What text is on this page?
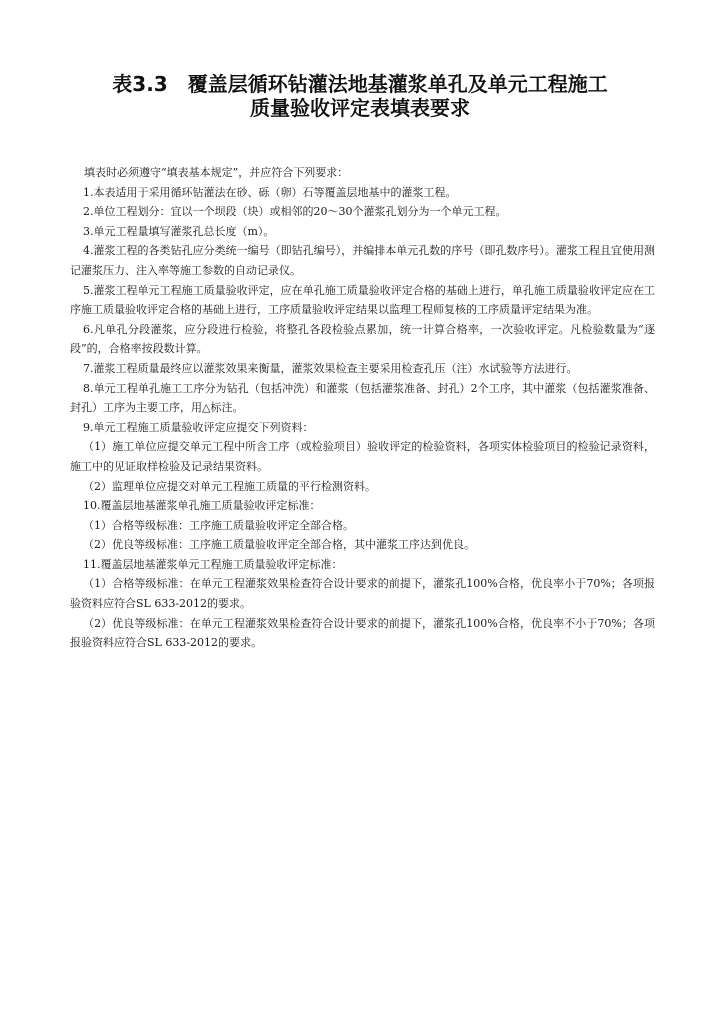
表3.3　覆盖层循环钻灌法地基灌浆单孔及单元工程施工
质量验收评定表填表要求

填表时必须遵守“填表基本规定”，并应符合下列要求：

1.本表适用于采用循环钻灌法在砂、砾（卵）石等覆盖层地基中的灌浆工程。

2.单位工程划分：宜以一个坝段（块）或相邻的20～30个灌浆孔划分为一个单元工程。

3.单元工程量填写灌浆孔总长度（m）。

4.灌浆工程的各类钻孔应分类统一编号（即钻孔编号），并编排本单元孔数的序号（即孔数序号）。灌浆工程且宜使用测记灌浆压力、注入率等施工参数的自动记录仪。

5.灌浆工程单元工程施工质量验收评定，应在单孔施工质量验收评定合格的基础上进行，单孔施工质量验收评定应在工序施工质量验收评定合格的基础上进行，工序质量验收评定结果以监理工程师复核的工序质量评定结果为准。

6.凡单孔分段灌浆，应分段进行检验，将整孔各段检验点累加，统一计算合格率，一次验收评定。凡检验数量为“逐段”的，合格率按段数计算。

7.灌浆工程质量最终应以灌浆效果来衡量，灌浆效果检查主要采用检查孔压（注）水试验等方法进行。

8.单元工程单孔施工工序分为钻孔（包括冲洗）和灌浆（包括灌浆准备、封孔）2个工序，其中灌浆（包括灌浆准备、封孔）工序为主要工序，用△标注。

9.单元工程施工质量验收评定应提交下列资料：

（1）施工单位应提交单元工程中所含工序（或检验项目）验收评定的检验资料，各项实体检验项目的检验记录资料，施工中的见证取样检验及记录结果资料。

（2）监理单位应提交对单元工程施工质量的平行检测资料。

10.覆盖层地基灌浆单孔施工质量验收评定标准：

（1）合格等级标准：工序施工质量验收评定全部合格。

（2）优良等级标准：工序施工质量验收评定全部合格，其中灌浆工序达到优良。

11.覆盖层地基灌浆单元工程施工质量验收评定标准：

（1）合格等级标准：在单元工程灌浆效果检查符合设计要求的前提下，灌浆孔100%合格，优良率小于70%；各项报验资料应符合SL 633-2012的要求。

（2）优良等级标准：在单元工程灌浆效果检查符合设计要求的前提下，灌浆孔100%合格，优良率不小于70%；各项报验资料应符合SL 633-2012的要求。
